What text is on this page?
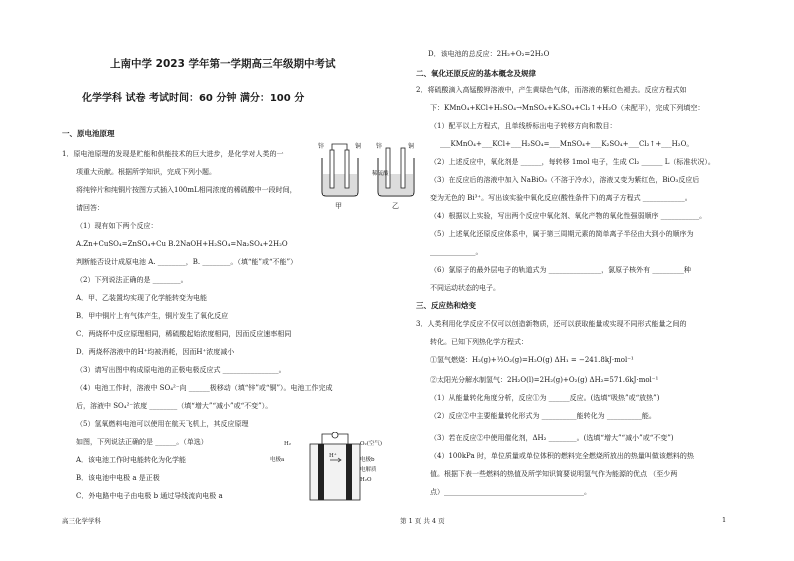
上南中学 2023 学年第一学期高三年级期中考试
化学学科 试卷 考试时间：60 分钟 满分：100 分
一、原电池原理
1．原电池原理的发现是贮能和供能技术的巨大进步，是化学对人类的一
项重大贡献。根据所学知识，完成下列小题。
将纯锌片和纯铜片按图方式插入100mL相同浓度的稀硫酸中一段时间，
请回答：
（1）现有如下两个反应：
A.Zn+CuSO₄=ZnSO₄+Cu B.2NaOH+H₂SO₄=Na₂SO₄+2H₂O
判断能否设计成原电池 A. ________，B. ________。（填“能”或“不能”）
（2）下列说法正确的是 ________。
A．甲、乙装置均实现了化学能转变为电能
B．甲中铜片上有气体产生，铜片发生了氧化反应
C．两烧杯中反应原理相同，稀硫酸起始浓度相同，因而反应速率相同
D．两烧杯溶液中的H⁺均被消耗，因而H⁺浓度减小
（3）请写出图中构成原电池的正极电极反应式 ________________。
（4）电池工作时，溶液中 SO₄²⁻向 ______极移动（填“锌”或“铜”）。电池工作完成
后，溶液中 SO₄²⁻浓度 ________（填“增大”“减小”或“不变”）。
（5）氢氧燃料电池可以使用在航天飞机上，其反应原理
如图，下列说法正确的是 ______。（单选）
A．该电池工作时电能转化为化学能
B．该电池中电极 a 是正极
C．外电路中电子由电极 b 通过导线流向电极 a
锌	铜 锌	铜
稀硫酸
甲	乙
H₂	O₂(空气)
电极a	电极b
H⁺
H₂O
电解质
D．该电池的总反应：2H₂+O₂=2H₂O
二、氧化还原反应的基本概念及规律
2．将硫酸滴入高锰酸钾溶液中，产生黄绿色气体，而溶液的紫红色褪去。反应方程式如
下：KMnO₄+KCl+H₂SO₄→MnSO₄+K₂SO₄+Cl₂↑+H₂O（未配平），完成下列填空：
（1）配平以上方程式，且单线桥标出电子转移方向和数目：
___KMnO₄+___KCl+___H₂SO₄=___MnSO₄+___K₂SO₄+___Cl₂↑+___H₂O。
（2）上述反应中，氧化剂是 ______，每转移 1mol 电子，生成 Cl₂ ______ L（标准状况）。
（3）在反应后的溶液中加入 NaBiO₃（不溶于冷水），溶液又变为紫红色，BiO₃反应后
变为无色的 Bi³⁺。写出该实验中氧化反应(酸性条件下)的离子方程式 ____________。
（4）根据以上实验，写出两个反应中氧化剂、氧化产物的氧化性强弱顺序 ___________。
（5）上述氧化还原反应体系中，属于第三周期元素的简单离子半径由大到小的顺序为
_____________。
（6）氯原子的最外层电子的轨道式为 _______________，氯原子核外有 _________种
不同运动状态的电子。
三、反应热和焓变
3．人类利用化学反应不仅可以创造新物质，还可以获取能量或实现不同形式能量之间的
转化。已知下列热化学方程式：
①氢气燃烧：H₂(g)+½O₂(g)=H₂O(g) ΔH₁ = −241.8kJ·mol⁻¹
②太阳光分解水制氢气：2H₂O(l)=2H₂(g)+O₂(g) ΔH₂=571.6kJ·mol⁻¹
（1）从能量转化角度分析，反应①为 ______反应。(选填“吸热”或“放热”)
（2）反应②中主要能量转化形式为 __________能转化为 __________能。
（3）若在反应②中使用催化剂，ΔH₂ ________。(选填“增大”“减小”或“不变”)
（4）100kPa 时，单位质量或单位体积的燃料完全燃烧所放出的热量叫做该燃料的热
值。根据下表一些燃料的热值及所学知识简要说明氢气作为能源的优点 （至少两
点）________________________________________。
高三化学学科	第 1 页 共 4 页	1
